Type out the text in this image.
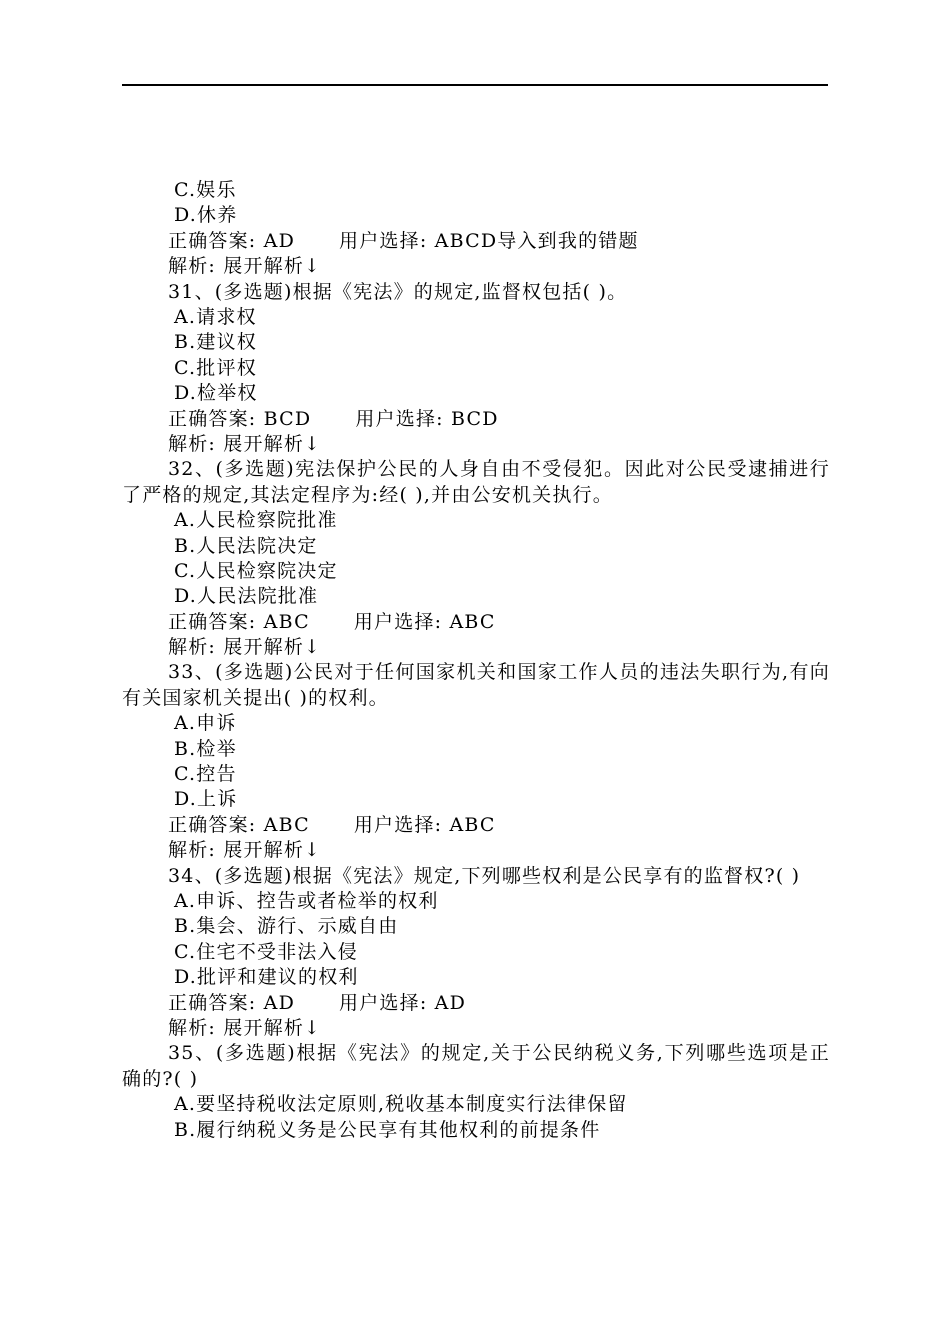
C.娱乐
D.休养
正确答案: AD 用户选择: ABCD导入到我的错题
解析: 展开解析↓
31、(多选题)根据《宪法》的规定,监督权包括( )。
A.请求权
B.建议权
C.批评权
D.检举权
正确答案: BCD 用户选择: BCD
解析: 展开解析↓
32、(多选题)宪法保护公民的人身自由不受侵犯。因此对公民受逮捕进行了严格的规定,其法定程序为:经( ),并由公安机关执行。
A.人民检察院批准
B.人民法院决定
C.人民检察院决定
D.人民法院批准
正确答案: ABC 用户选择: ABC
解析: 展开解析↓
33、(多选题)公民对于任何国家机关和国家工作人员的违法失职行为,有向有关国家机关提出( )的权利。
A.申诉
B.检举
C.控告
D.上诉
正确答案: ABC 用户选择: ABC
解析: 展开解析↓
34、(多选题)根据《宪法》规定,下列哪些权利是公民享有的监督权?( )
A.申诉、控告或者检举的权利
B.集会、游行、示威自由
C.住宅不受非法入侵
D.批评和建议的权利
正确答案: AD 用户选择: AD
解析: 展开解析↓
35、(多选题)根据《宪法》的规定,关于公民纳税义务,下列哪些选项是正确的?( )
A.要坚持税收法定原则,税收基本制度实行法律保留
B.履行纳税义务是公民享有其他权利的前提条件
